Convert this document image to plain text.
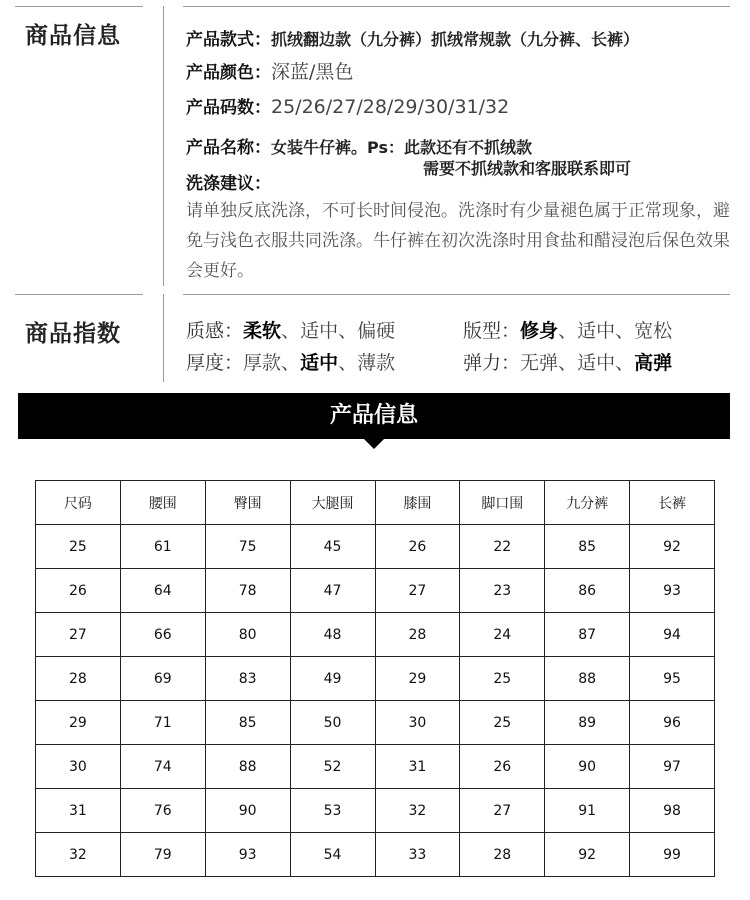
商品信息	产品款式：抓绒翻边款（九分裤）抓绒常规款（九分裤、长裤）
产品颜色：深蓝/黑色
产品码数：25/26/27/28/29/30/31/32
产品名称：女装牛仔裤。Ps：此款还有不抓绒款
需要不抓绒款和客服联系即可
洗涤建议：
请单独反底洗涤，不可长时间侵泡。洗涤时有少量褪色属于正常现象，避免与浅色衣服共同洗涤。牛仔裤在初次洗涤时用食盐和醋浸泡后保色效果会更好。
商品指数	质感：柔软、适中、偏硬	版型：修身、适中、宽松
厚度：厚款、适中、薄款	弹力：无弹、适中、高弹
产品信息
尺码	腰围	臀围	大腿围	膝围	脚口围	九分裤	长裤
25	61	75	45	26	22	85	92
26	64	78	47	27	23	86	93
27	66	80	48	28	24	87	94
28	69	83	49	29	25	88	95
29	71	85	50	30	25	89	96
30	74	88	52	31	26	90	97
31	76	90	53	32	27	91	98
32	79	93	54	33	28	92	99
